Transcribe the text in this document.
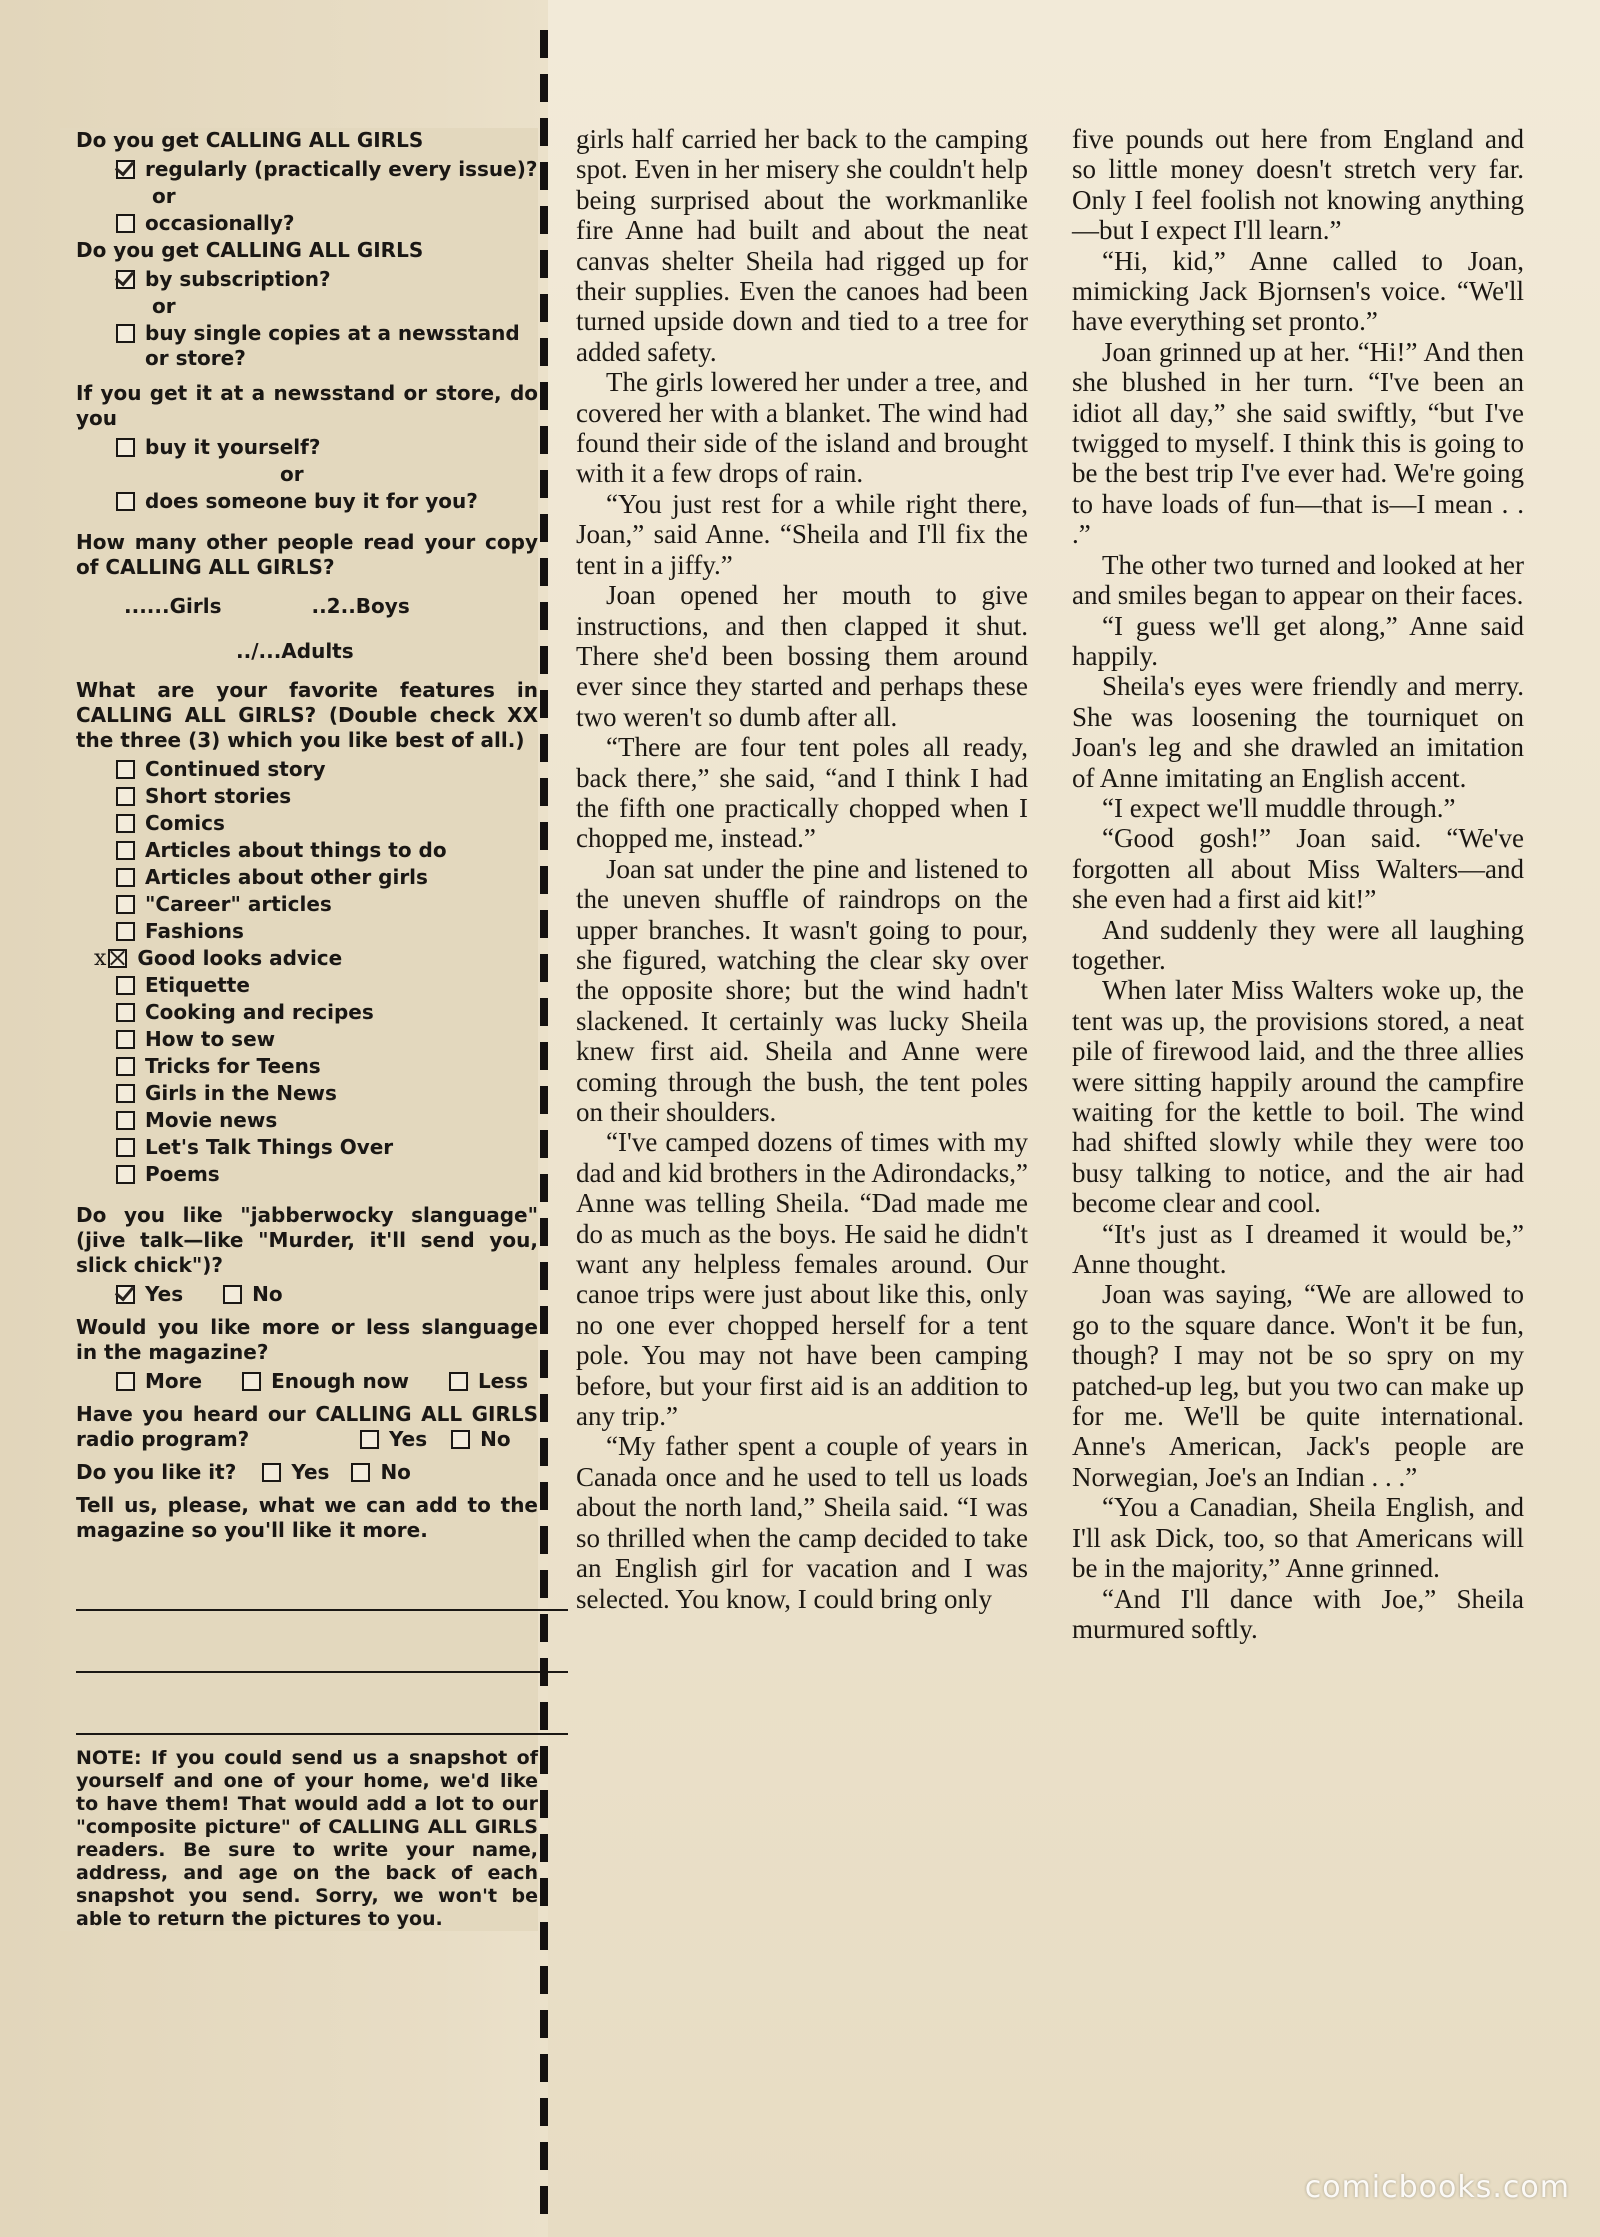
Do you get CALLING ALL GIRLS
regularly (practically every issue)?
or
occasionally?
Do you get CALLING ALL GIRLS
by subscription?
or
buy single copies at a newsstand or store?
If you get it at a newsstand or store, do you
buy it yourself?
or
does someone buy it for you?
How many other people read your copy of CALLING ALL GIRLS?
......Girls	..2..Boys
../...Adults
What are your favorite features in CALLING ALL GIRLS? (Double check XX the three (3) which you like best of all.)
Continued story
Short stories
Comics
Articles about things to do
Articles about other girls
"Career" articles
Fashions
x Good looks advice
Etiquette
Cooking and recipes
How to sew
Tricks for Teens
Girls in the News
Movie news
Let's Talk Things Over
Poems
Do you like "jabberwocky slanguage" (jive talk—like "Murder, it'll send you, slick chick")?
Yes	No
Would you like more or less slanguage in the magazine?
More	Enough now	Less
Have you heard our CALLING ALL GIRLS radio program?	Yes	No
Do you like it?	Yes	No
Tell us, please, what we can add to the magazine so you'll like it more.
NOTE: If you could send us a snapshot of yourself and one of your home, we'd like to have them! That would add a lot to our "composite picture" of CALLING ALL GIRLS readers. Be sure to write your name, address, and age on the back of each snapshot you send. Sorry, we won't be able to return the pictures to you.

girls half carried her back to the camping spot. Even in her misery she couldn't help being surprised about the workmanlike fire Anne had built and about the neat canvas shelter Sheila had rigged up for their supplies. Even the canoes had been turned upside down and tied to a tree for added safety.

The girls lowered her under a tree, and covered her with a blanket. The wind had found their side of the island and brought with it a few drops of rain.

“You just rest for a while right there, Joan,” said Anne. “Sheila and I'll fix the tent in a jiffy.”

Joan opened her mouth to give instructions, and then clapped it shut. There she'd been bossing them around ever since they started and perhaps these two weren't so dumb after all.

“There are four tent poles all ready, back there,” she said, “and I think I had the fifth one practically chopped when I chopped me, instead.”

Joan sat under the pine and listened to the uneven shuffle of raindrops on the upper branches. It wasn't going to pour, she figured, watching the clear sky over the opposite shore; but the wind hadn't slackened. It certainly was lucky Sheila knew first aid. Sheila and Anne were coming through the bush, the tent poles on their shoulders.

“I've camped dozens of times with my dad and kid brothers in the Adirondacks,” Anne was telling Sheila. “Dad made me do as much as the boys. He said he didn't want any helpless females around. Our canoe trips were just about like this, only no one ever chopped herself for a tent pole. You may not have been camping before, but your first aid is an addition to any trip.”

“My father spent a couple of years in Canada once and he used to tell us loads about the north land,” Sheila said. “I was so thrilled when the camp decided to take an English girl for vacation and I was selected. You know, I could bring only

five pounds out here from England and so little money doesn't stretch very far. Only I feel foolish not knowing anything—but I expect I'll learn.”

“Hi, kid,” Anne called to Joan, mimicking Jack Bjornsen's voice. “We'll have everything set pronto.”

Joan grinned up at her. “Hi!” And then she blushed in her turn. “I've been an idiot all day,” she said swiftly, “but I've twigged to myself. I think this is going to be the best trip I've ever had. We're going to have loads of fun—that is—I mean . . .”

The other two turned and looked at her and smiles began to appear on their faces.

“I guess we'll get along,” Anne said happily.

Sheila's eyes were friendly and merry. She was loosening the tourniquet on Joan's leg and she drawled an imitation of Anne imitating an English accent.

“I expect we'll muddle through.”

“Good gosh!” Joan said. “We've forgotten all about Miss Walters—and she even had a first aid kit!”

And suddenly they were all laughing together.

When later Miss Walters woke up, the tent was up, the provisions stored, a neat pile of firewood laid, and the three allies were sitting happily around the campfire waiting for the kettle to boil. The wind had shifted slowly while they were too busy talking to notice, and the air had become clear and cool.

“It's just as I dreamed it would be,” Anne thought.

Joan was saying, “We are allowed to go to the square dance. Won't it be fun, though? I may not be so spry on my patched-up leg, but you two can make up for me. We'll be quite international. Anne's American, Jack's people are Norwegian, Joe's an Indian . . .”

“You a Canadian, Sheila English, and I'll ask Dick, too, so that Americans will be in the majority,” Anne grinned.

“And I'll dance with Joe,” Sheila murmured softly.

comicbooks.com
